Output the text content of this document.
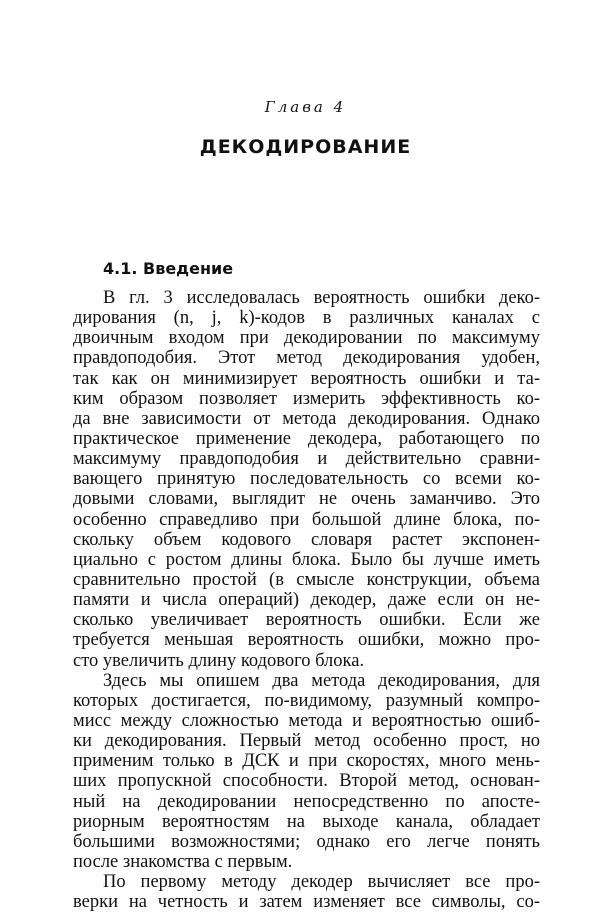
Глава 4
ДЕКОДИРОВАНИЕ
4.1. Введение
В гл. 3 исследовалась вероятность ошибки деко-
дирования (n, j, k)-кодов в различных каналах с
двоичным входом при декодировании по максимуму
правдоподобия. Этот метод декодирования удобен,
так как он минимизирует вероятность ошибки и та-
ким образом позволяет измерить эффективность ко-
да вне зависимости от метода декодирования. Однако
практическое применение декодера, работающего по
максимуму правдоподобия и действительно сравни-
вающего принятую последовательность со всеми ко-
довыми словами, выглядит не очень заманчиво. Это
особенно справедливо при большой длине блока, по-
скольку объем кодового словаря растет экспонен-
циально с ростом длины блока. Было бы лучше иметь
сравнительно простой (в смысле конструкции, объема
памяти и числа операций) декодер, даже если он не-
сколько увеличивает вероятность ошибки. Если же
требуется меньшая вероятность ошибки, можно про-
сто увеличить длину кодового блока.
Здесь мы опишем два метода декодирования, для
которых достигается, по-видимому, разумный компро-
мисс между сложностью метода и вероятностью ошиб-
ки декодирования. Первый метод особенно прост, но
применим только в ДСК и при скоростях, много мень-
ших пропускной способности. Второй метод, основан-
ный на декодировании непосредственно по апостe-
риорным вероятностям на выходе канала, обладает
большими возможностями; однако его легче понять
после знакомства с первым.
По первому методу декодер вычисляет все про-
верки на четность и затем изменяет все символы, со-
